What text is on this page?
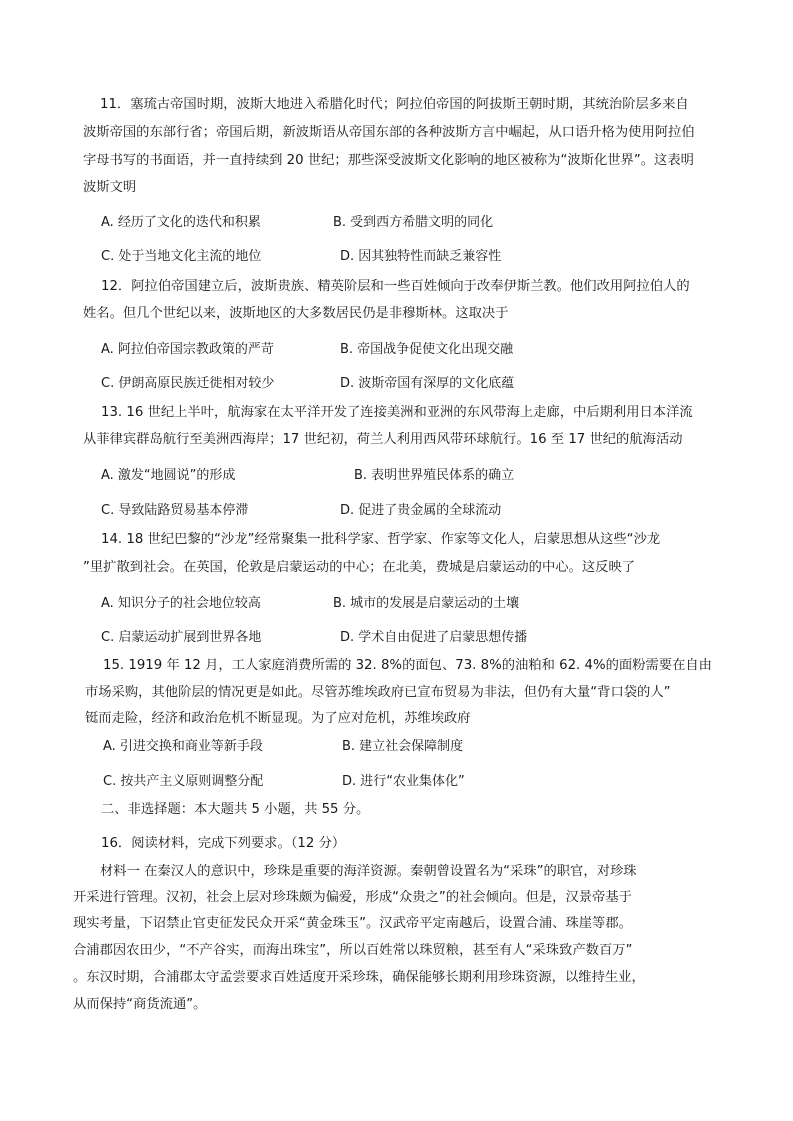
11．塞琉古帝国时期，波斯大地进入希腊化时代；阿拉伯帝国的阿拔斯王朝时期，其统治阶层多来自
波斯帝国的东部行省；帝国后期，新波斯语从帝国东部的各种波斯方言中崛起，从口语升格为使用阿拉伯
字母书写的书面语，并一直持续到 20 世纪；那些深受波斯文化影响的地区被称为“波斯化世界”。这表明
波斯文明
A. 经历了文化的迭代和积累	B. 受到西方希腊文明的同化
C. 处于当地文化主流的地位	D. 因其独特性而缺乏兼容性
12．阿拉伯帝国建立后，波斯贵族、精英阶层和一些百姓倾向于改奉伊斯兰教。他们改用阿拉伯人的
姓名。但几个世纪以来，波斯地区的大多数居民仍是非穆斯林。这取决于
A. 阿拉伯帝国宗教政策的严苛	B. 帝国战争促使文化出现交融
C. 伊朗高原民族迁徙相对较少	D. 波斯帝国有深厚的文化底蕴
13. 16 世纪上半叶，航海家在太平洋开发了连接美洲和亚洲的东风带海上走廊，中后期利用日本洋流
从菲律宾群岛航行至美洲西海岸；17 世纪初，荷兰人利用西风带环球航行。16 至 17 世纪的航海活动
A. 激发“地圆说”的形成	B. 表明世界殖民体系的确立
C. 导致陆路贸易基本停滞	D. 促进了贵金属的全球流动
14. 18 世纪巴黎的“沙龙”经常聚集一批科学家、哲学家、作家等文化人，启蒙思想从这些“沙龙
”里扩散到社会。在英国，伦敦是启蒙运动的中心；在北美，费城是启蒙运动的中心。这反映了
A. 知识分子的社会地位较高	B. 城市的发展是启蒙运动的土壤
C. 启蒙运动扩展到世界各地	D. 学术自由促进了启蒙思想传播
15. 1919 年 12 月，工人家庭消费所需的 32. 8%的面包、73. 8%的油粕和 62. 4%的面粉需要在自由
市场采购，其他阶层的情况更是如此。尽管苏维埃政府已宣布贸易为非法，但仍有大量“背口袋的人”
铤而走险，经济和政治危机不断显现。为了应对危机，苏维埃政府
A. 引进交换和商业等新手段	B. 建立社会保障制度
C. 按共产主义原则调整分配	D. 进行“农业集体化”
二、非选择题：本大题共 5 小题，共 55 分。
16．阅读材料，完成下列要求。（12 分）
材料一 在秦汉人的意识中，珍珠是重要的海洋资源。秦朝曾设置名为“采珠”的职官，对珍珠
开采进行管理。汉初，社会上层对珍珠颇为偏爱，形成“众贵之”的社会倾向。但是，汉景帝基于
现实考量，下诏禁止官吏征发民众开采“黄金珠玉”。汉武帝平定南越后，设置合浦、珠崖等郡。
合浦郡因农田少，“不产谷实，而海出珠宝”，所以百姓常以珠贸粮，甚至有人“采珠致产数百万”
。东汉时期，合浦郡太守孟尝要求百姓适度开采珍珠，确保能够长期利用珍珠资源，以维持生业，
从而保持“商货流通”。
